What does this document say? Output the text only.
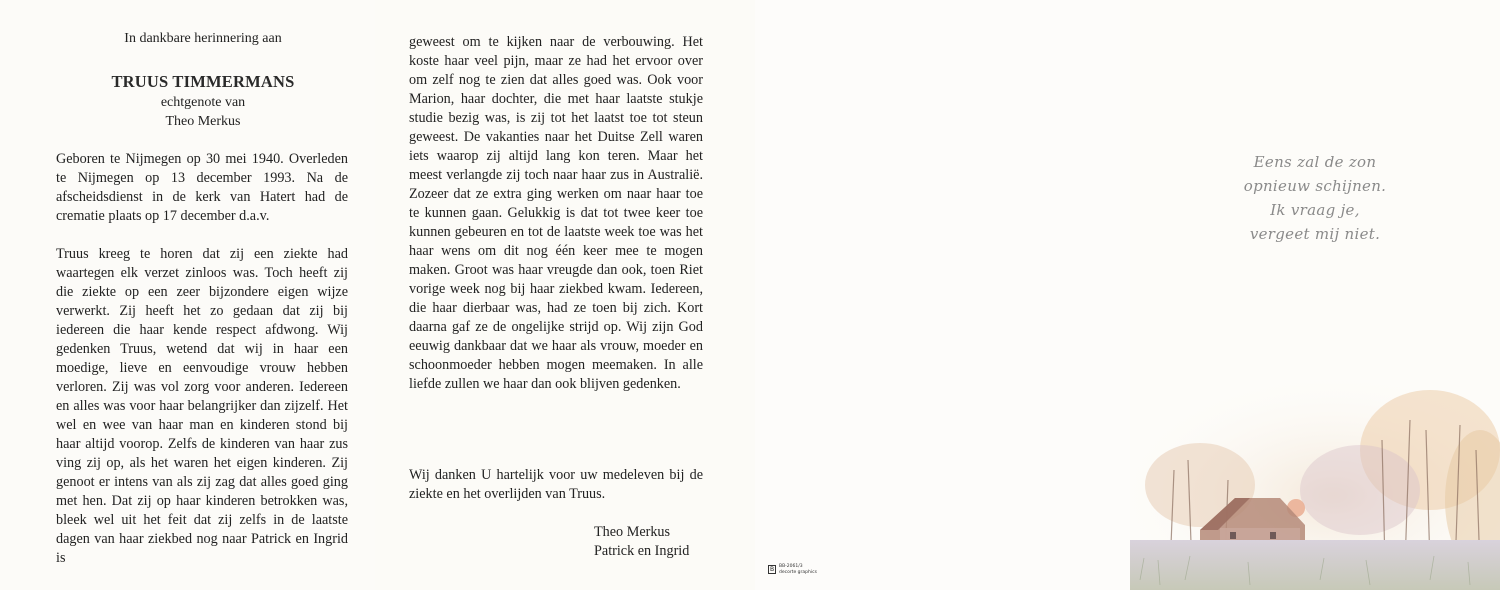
In dankbare herinnering aan
TRUUS TIMMERMANS
echtgenote van
Theo Merkus
Geboren te Nijmegen op 30 mei 1940. Overleden te Nijmegen op 13 december 1993. Na de afscheidsdienst in de kerk van Hatert had de crematie plaats op 17 december d.a.v.
Truus kreeg te horen dat zij een ziekte had waartegen elk verzet zinloos was. Toch heeft zij die ziekte op een zeer bijzondere eigen wijze verwerkt. Zij heeft het zo gedaan dat zij bij iedereen die haar kende respect afdwong. Wij gedenken Truus, wetend dat wij in haar een moedige, lieve en eenvoudige vrouw hebben verloren. Zij was vol zorg voor anderen. Iedereen en alles was voor haar belangrijker dan zijzelf. Het wel en wee van haar man en kinderen stond bij haar altijd voorop. Zelfs de kinderen van haar zus ving zij op, als het waren het eigen kinderen. Zij genoot er intens van als zij zag dat alles goed ging met hen. Dat zij op haar kinderen betrokken was, bleek wel uit het feit dat zij zelfs in de laatste dagen van haar ziekbed nog naar Patrick en Ingrid is
geweest om te kijken naar de verbouwing. Het koste haar veel pijn, maar ze had het ervoor over om zelf nog te zien dat alles goed was. Ook voor Marion, haar dochter, die met haar laatste stukje studie bezig was, is zij tot het laatst toe tot steun geweest. De vakanties naar het Duitse Zell waren iets waarop zij altijd lang kon teren. Maar het meest verlangde zij toch naar haar zus in Australië. Zozeer dat ze extra ging werken om naar haar toe te kunnen gaan. Gelukkig is dat tot twee keer toe kunnen gebeuren en tot de laatste week toe was het haar wens om dit nog één keer mee te mogen maken. Groot was haar vreugde dan ook, toen Riet vorige week nog bij haar ziekbed kwam. Iedereen, die haar dierbaar was, had ze toen bij zich. Kort daarna gaf ze de ongelijke strijd op. Wij zijn God eeuwig dankbaar dat we haar als vrouw, moeder en schoonmoeder hebben mogen meemaken. In alle liefde zullen we haar dan ook blijven gedenken.
Wij danken U hartelijk voor uw medeleven bij de ziekte en het overlijden van Truus.
Theo Merkus
Patrick en Ingrid
B	BB-2061/3
decorte graphics
Eens zal de zon
opnieuw schijnen.
Ik vraag je,
vergeet mij niet.
